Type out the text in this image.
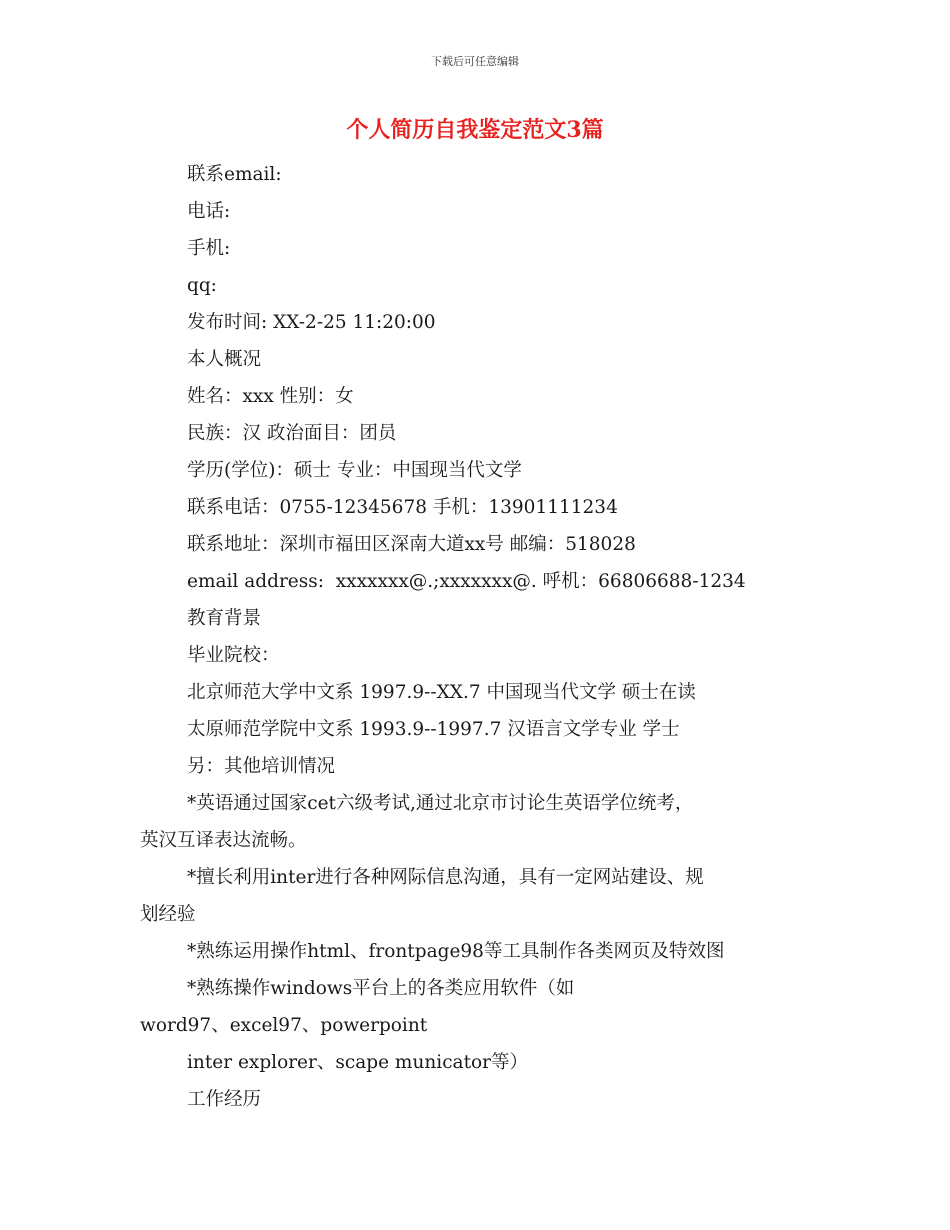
下载后可任意编辑
个人简历自我鉴定范文3篇
联系email:
电话:
手机:
qq:
发布时间: XX-2-25 11:20:00
本人概况
姓名：xxx 性别：女
民族：汉 政治面目：团员
学历(学位)：硕士 专业：中国现当代文学
联系电话：0755-12345678 手机：13901111234
联系地址：深圳市福田区深南大道xx号 邮编：518028
email address:  xxxxxxx@.;xxxxxxx@. 呼机：66806688-1234
教育背景
毕业院校：
北京师范大学中文系 1997.9--XX.7 中国现当代文学 硕士在读
太原师范学院中文系 1993.9--1997.7 汉语言文学专业 学士
另：其他培训情况
*英语通过国家cet六级考试,通过北京市讨论生英语学位统考，
英汉互译表达流畅。
*擅长利用inter进行各种网际信息沟通，具有一定网站建设、规
划经验
*熟练运用操作html、frontpage98等工具制作各类网页及特效图
*熟练操作windows平台上的各类应用软件（如
word97、excel97、powerpoint
inter explorer、scape municator等）
工作经历
